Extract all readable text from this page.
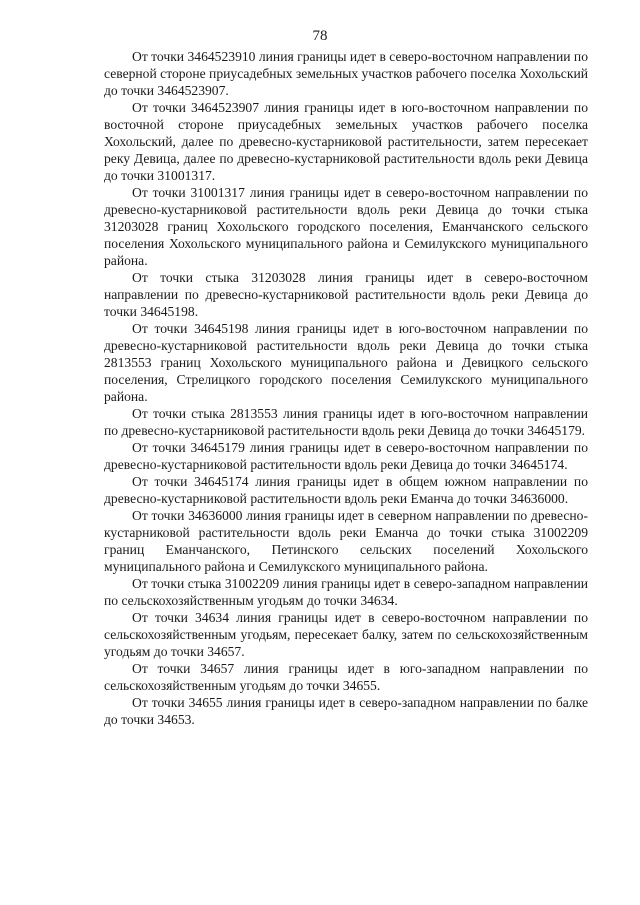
78

От точки 3464523910 линия границы идет в северо-восточном направлении по северной стороне приусадебных земельных участков рабочего поселка Хохольский до точки 3464523907.

От точки 3464523907 линия границы идет в юго-восточном направлении по восточной стороне приусадебных земельных участков рабочего поселка Хохольский, далее по древесно-кустарниковой растительности, затем пересекает реку Девица, далее по древесно-кустарниковой растительности вдоль реки Девица до точки 31001317.

От точки 31001317 линия границы идет в северо-восточном направлении по древесно-кустарниковой растительности вдоль реки Девица до точки стыка 31203028 границ Хохольского городского поселения, Еманчанского сельского поселения Хохольского муниципального района и Семилукского муниципального района.

От точки стыка 31203028 линия границы идет в северо-восточном направлении по древесно-кустарниковой растительности вдоль реки Девица до точки 34645198.

От точки 34645198 линия границы идет в юго-восточном направлении по древесно-кустарниковой растительности вдоль реки Девица до точки стыка 2813553 границ Хохольского муниципального района и Девицкого сельского поселения, Стрелицкого городского поселения Семилукского муниципального района.

От точки стыка 2813553 линия границы идет в юго-восточном направлении по древесно-кустарниковой растительности вдоль реки Девица до точки 34645179.

От точки 34645179 линия границы идет в северо-восточном направлении по древесно-кустарниковой растительности вдоль реки Девица до точки 34645174.

От точки 34645174 линия границы идет в общем южном направлении по древесно-кустарниковой растительности вдоль реки Еманча до точки 34636000.

От точки 34636000 линия границы идет в северном направлении по древесно-кустарниковой растительности вдоль реки Еманча до точки стыка 31002209 границ Еманчанского, Петинского сельских поселений Хохольского муниципального района и Семилукского муниципального района.

От точки стыка 31002209 линия границы идет в северо-западном направлении по сельскохозяйственным угодьям до точки 34634.

От точки 34634 линия границы идет в северо-восточном направлении по сельскохозяйственным угодьям, пересекает балку, затем по сельскохозяйственным угодьям до точки 34657.

От точки 34657 линия границы идет в юго-западном направлении по сельскохозяйственным угодьям до точки 34655.

От точки 34655 линия границы идет в северо-западном направлении по балке до точки 34653.
